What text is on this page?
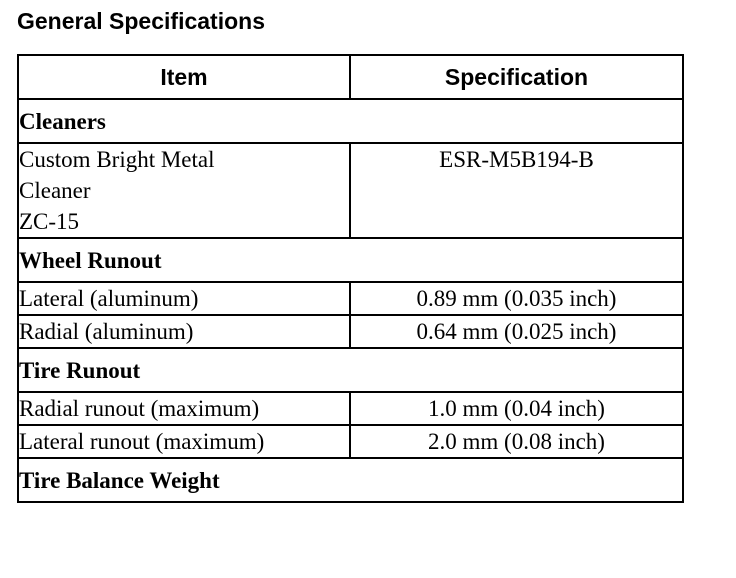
General Specifications
Item	Specification
Cleaners	

Custom Bright Metal
Cleaner
ZC-15	ESR-M5B194-B
Wheel Runout	
Lateral (aluminum)	0.89 mm (0.035 inch)
Radial (aluminum)	0.64 mm (0.025 inch)
Tire Runout	
Radial runout (maximum)	1.0 mm (0.04 inch)
Lateral runout (maximum)	2.0 mm (0.08 inch)
Tire Balance Weight	
